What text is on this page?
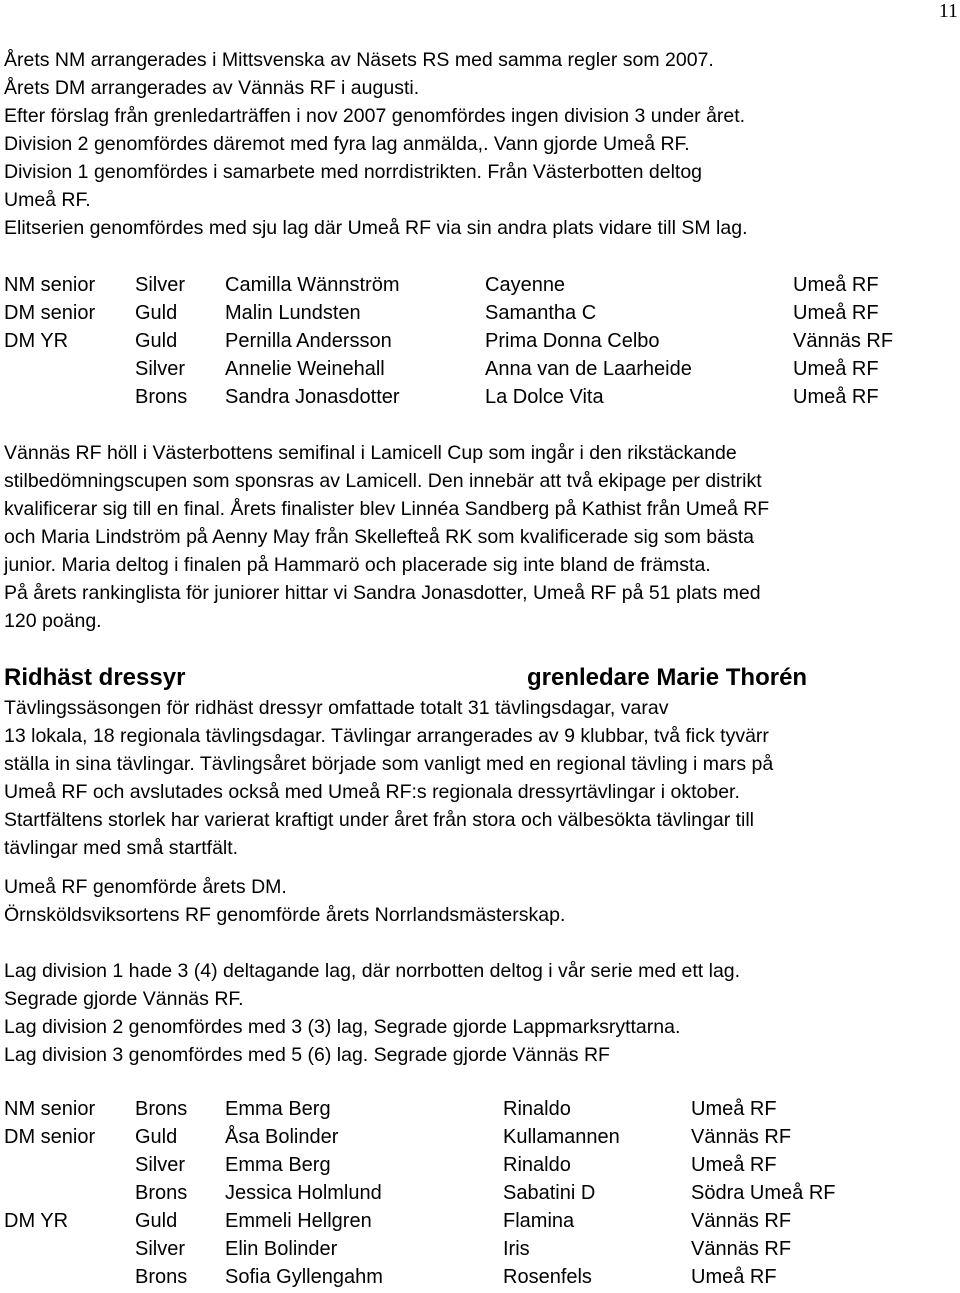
11
Årets NM arrangerades i Mittsvenska av Näsets RS med samma regler som 2007.
Årets DM arrangerades av Vännäs RF i augusti.
Efter förslag från grenledarträffen i nov 2007 genomfördes ingen division 3 under året.
Division 2 genomfördes däremot med fyra lag anmälda,. Vann gjorde Umeå RF.
Division 1 genomfördes i samarbete med norrdistrikten. Från Västerbotten deltog
Umeå RF.
Elitserien genomfördes med sju lag där Umeå RF via sin andra plats vidare till SM lag.
NM senior	Silver	Camilla Wännström	Cayenne	Umeå RF
DM senior	Guld	Malin Lundsten	Samantha C	Umeå RF
DM YR	Guld	Pernilla Andersson	Prima Donna Celbo	Vännäs RF
	Silver	Annelie Weinehall	Anna van de Laarheide	Umeå RF
	Brons	Sandra Jonasdotter	La Dolce Vita	Umeå RF
Vännäs RF höll i Västerbottens semifinal i Lamicell Cup som ingår i den rikstäckande
stilbedömningscupen som sponsras av Lamicell. Den innebär att två ekipage per distrikt
kvalificerar sig till en final. Årets finalister blev Linnéa Sandberg på Kathist från Umeå RF
och Maria Lindström på Aenny May från Skellefteå RK som kvalificerade sig som bästa
junior. Maria deltog i finalen på Hammarö och placerade sig inte bland de främsta.
På årets rankinglista för juniorer hittar vi Sandra Jonasdotter, Umeå RF på 51 plats med
120 poäng.
Ridhäst dressyr	grenledare Marie Thorén
Tävlingssäsongen för ridhäst dressyr omfattade totalt 31 tävlingsdagar, varav
13 lokala, 18 regionala tävlingsdagar. Tävlingar arrangerades av 9 klubbar, två fick tyvärr
ställa in sina tävlingar. Tävlingsåret började som vanligt med en regional tävling i mars på
Umeå RF och avslutades också med Umeå RF:s regionala dressyrtävlingar i oktober.
Startfältens storlek har varierat kraftigt under året från stora och välbesökta tävlingar till
tävlingar med små startfält.
Umeå RF genomförde årets DM.
Örnsköldsviksortens RF genomförde årets Norrlandsmästerskap.
Lag division 1 hade 3 (4) deltagande lag, där norrbotten deltog i vår serie med ett lag.
Segrade gjorde Vännäs RF.
Lag division 2 genomfördes med 3 (3) lag, Segrade gjorde Lappmarksryttarna.
Lag division 3 genomfördes med 5 (6) lag. Segrade gjorde Vännäs RF
NM senior	Brons	Emma Berg	Rinaldo	Umeå RF
DM senior	Guld	Åsa Bolinder	Kullamannen	Vännäs RF
	Silver	Emma Berg	Rinaldo	Umeå RF
	Brons	Jessica Holmlund	Sabatini D	Södra Umeå RF
DM YR	Guld	Emmeli Hellgren	Flamina	Vännäs RF
	Silver	Elin Bolinder	Iris	Vännäs RF
	Brons	Sofia Gyllengahm	Rosenfels	Umeå RF
